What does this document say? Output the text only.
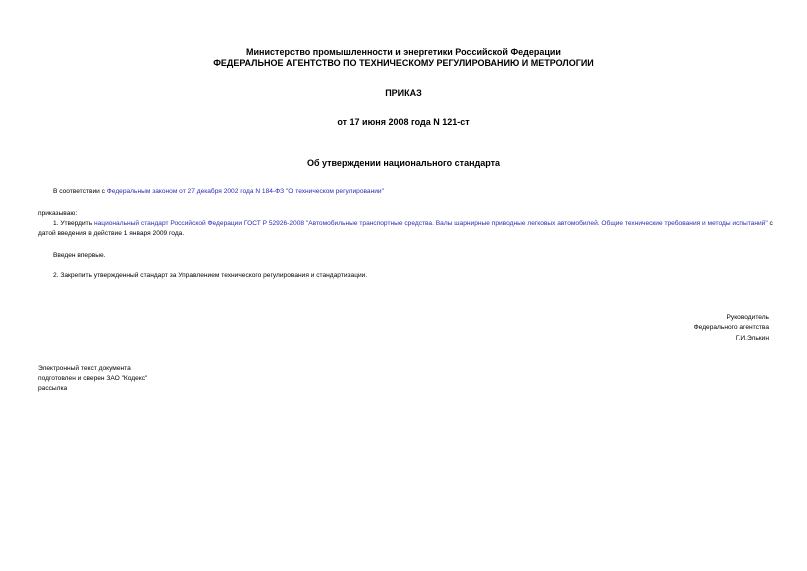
Министерство промышленности и энергетики Российской Федерации
ФЕДЕРАЛЬНОЕ АГЕНТСТВО ПО ТЕХНИЧЕСКОМУ РЕГУЛИРОВАНИЮ И МЕТРОЛОГИИ
ПРИКАЗ
от 17 июня 2008 года N 121-ст
Об утверждении национального стандарта
В соответствии с Федеральным законом от 27 декабря 2002 года N 184-ФЗ "О техническом регулировании"
приказываю:
1. Утвердить национальный стандарт Российской Федерации ГОСТ Р 52926-2008 "Автомобильные транспортные средства. Валы шарнирные приводные легковых автомобилей. Общие технические требования и методы испытаний" с датой введения в действие 1 января 2009 года.
Введен впервые.
2. Закрепить утвержденный стандарт за Управлением технического регулирования и стандартизации.
Руководитель
Федерального агентства
Г.И.Элькин
Электронный текст документа
подготовлен и сверен ЗАО "Кодекс"
рассылка
